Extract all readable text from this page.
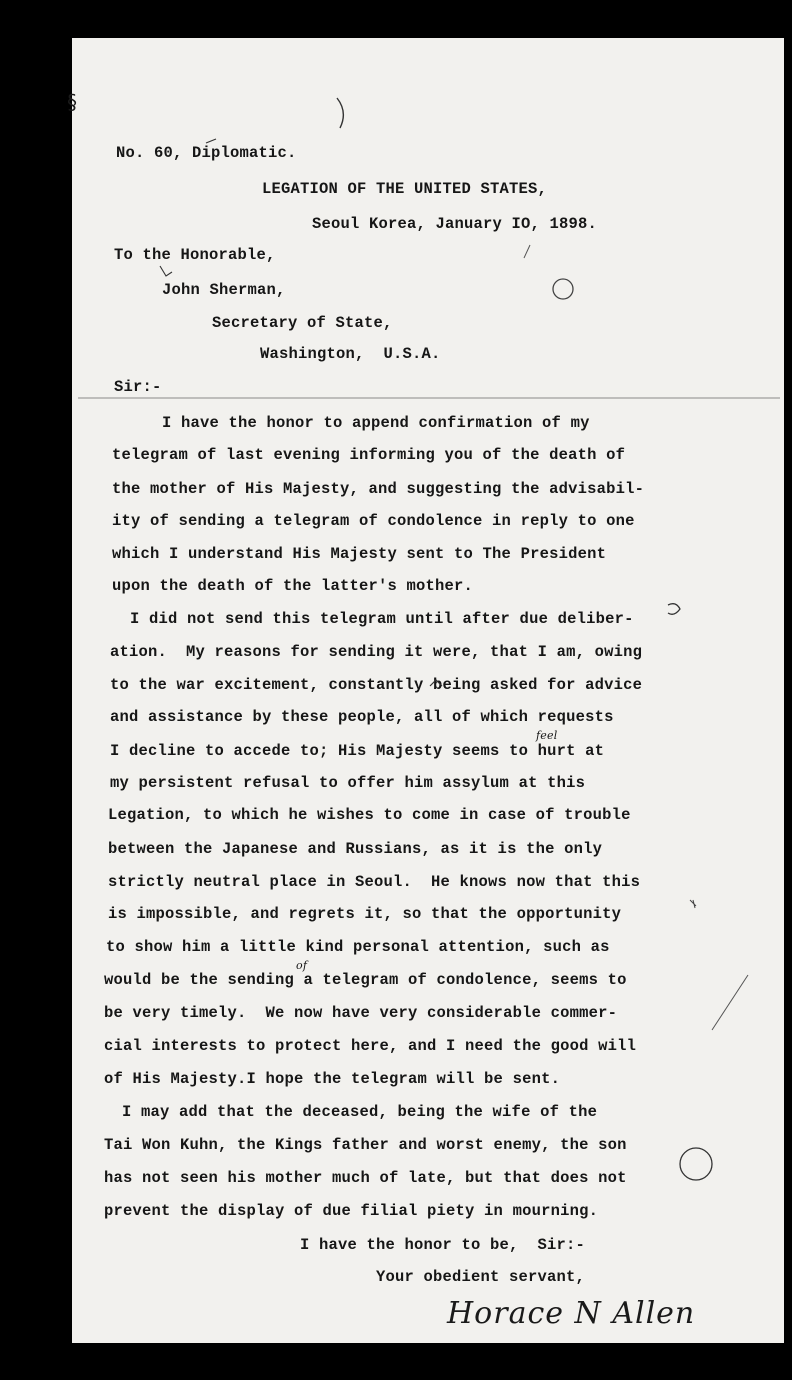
§
No. 60, Diplomatic.
LEGATION OF THE UNITED STATES,
Seoul Korea, January IO, 1898.
To the Honorable,
John Sherman,
Secretary of State,
Washington,  U.S.A.
Sir:-
I have the honor to append confirmation of my
telegram of last evening informing you of the death of
the mother of His Majesty, and suggesting the advisabil-
ity of sending a telegram of condolence in reply to one
which I understand His Majesty sent to The President
upon the death of the latter's mother.
I did not send this telegram until after due deliber-
ation.  My reasons for sending it were, that I am, owing
to the war excitement, constantly being asked for advice
and assistance by these people, all of which requests
I decline to accede to; His Majesty seems to hurt at
my persistent refusal to offer him assylum at this
Legation, to which he wishes to come in case of trouble
between the Japanese and Russians, as it is the only
strictly neutral place in Seoul.  He knows now that this
is impossible, and regrets it, so that the opportunity
to show him a little kind personal attention, such as
would be the sending a telegram of condolence, seems to
be very timely.  We now have very considerable commer-
cial interests to protect here, and I need the good will
of His Majesty.I hope the telegram will be sent.
I may add that the deceased, being the wife of the
Tai Won Kuhn, the Kings father and worst enemy, the son
has not seen his mother much of late, but that does not
prevent the display of due filial piety in mourning.
I have the honor to be,  Sir:-
Your obedient servant,
feel
of
Horace N Allen
